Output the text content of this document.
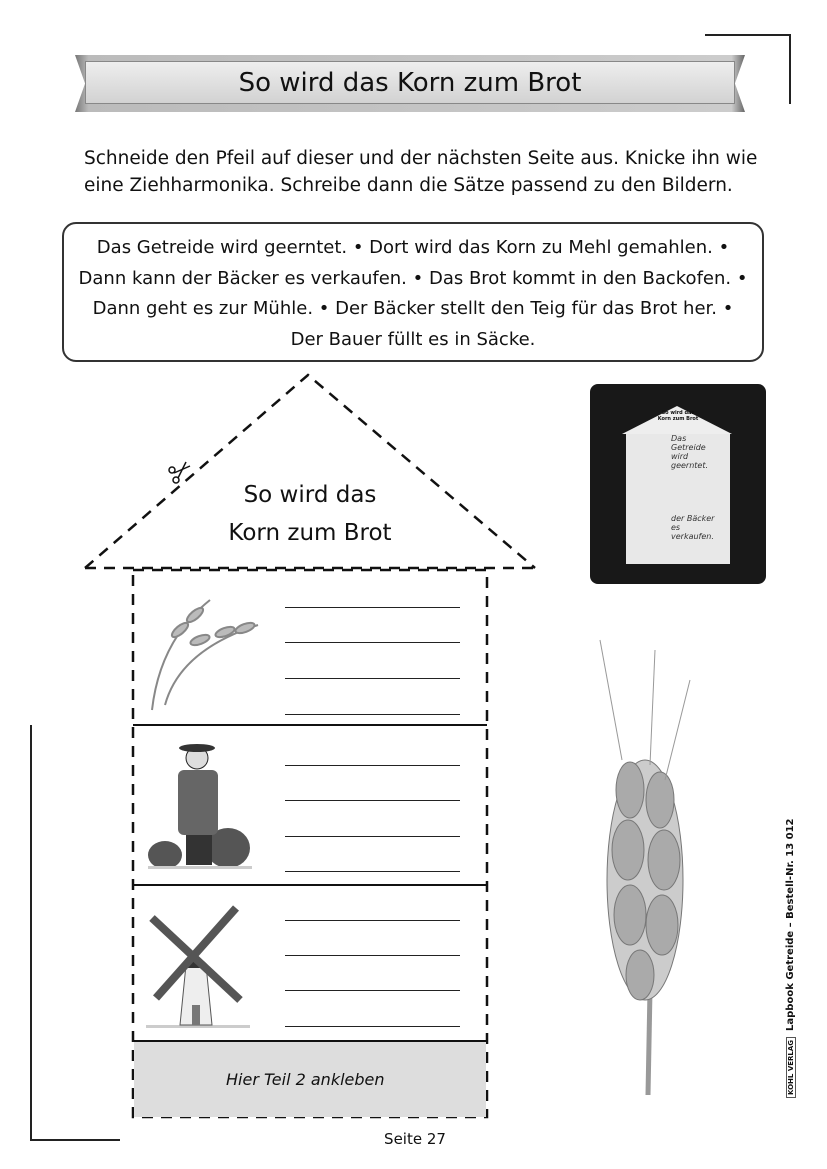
So wird das Korn zum Brot
Schneide den Pfeil auf dieser und der nächsten Seite aus. Knicke ihn wie eine Ziehharmonika. Schreibe dann die Sätze passend zu den Bildern.
Das Getreide wird geerntet. • Dort wird das Korn zu Mehl gemahlen. •
Dann kann der Bäcker es verkaufen. • Das Brot kommt in den Backofen. •
Dann geht es zur Mühle. • Der Bäcker stellt den Teig für das Brot her. •
Der Bauer füllt es in Säcke.
So wird das
Korn zum Brot
Hier Teil 2 ankleben
So wird das
Korn zum Brot
Das
Getreide
wird
geerntet.
der Bäcker
es
verkaufen.
Seite 27
KOHL VERLAGLapbook Getreide – Bestell-Nr. 13 012
